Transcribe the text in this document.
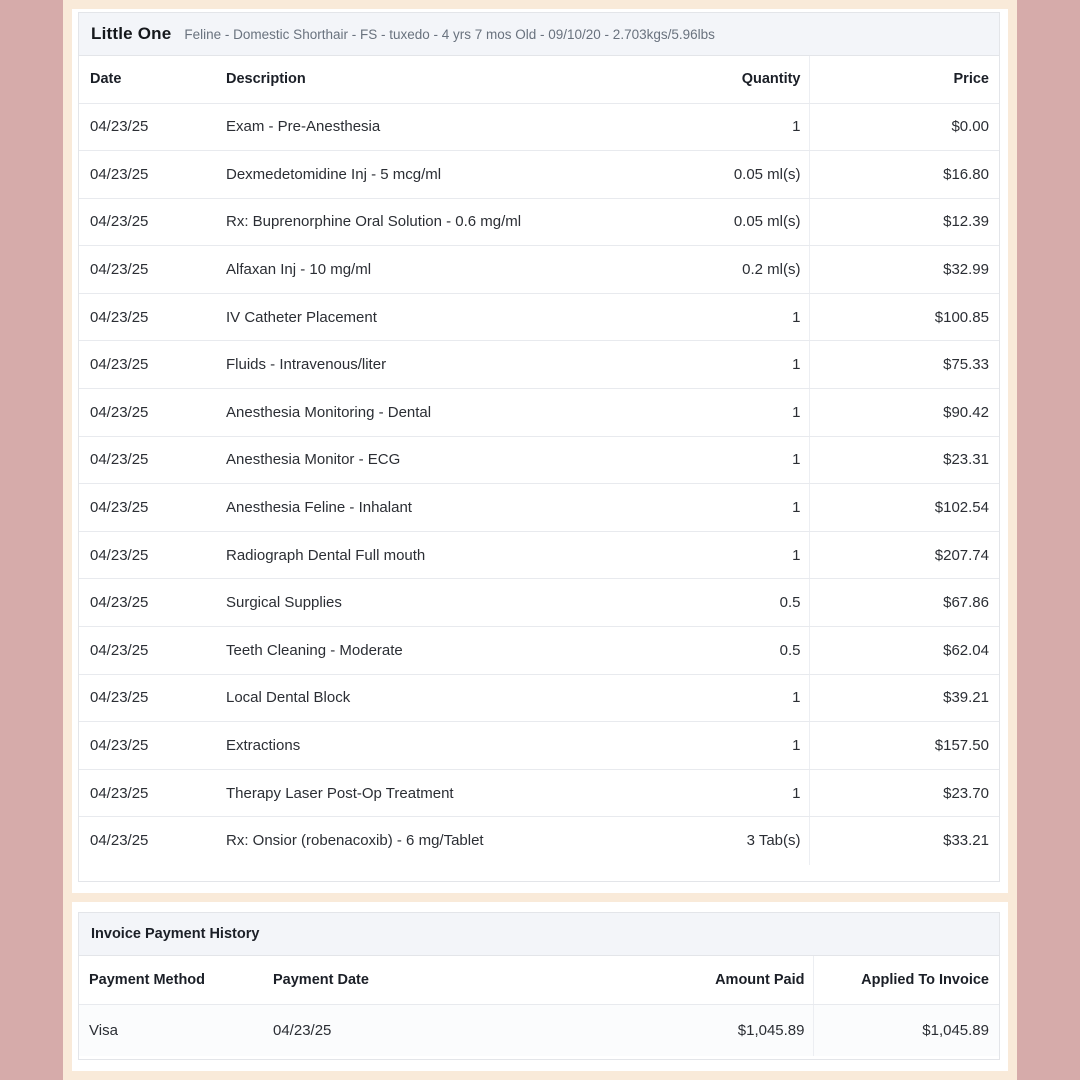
Little One Feline - Domestic Shorthair - FS - tuxedo - 4 yrs 7 mos Old - 09/10/20 - 2.703kgs/5.96lbs
Date	Description	Quantity	Price
04/23/25	Exam - Pre-Anesthesia	1	$0.00
04/23/25	Dexmedetomidine Inj - 5 mcg/ml	0.05 ml(s)	$16.80
04/23/25	Rx: Buprenorphine Oral Solution - 0.6 mg/ml	0.05 ml(s)	$12.39
04/23/25	Alfaxan Inj - 10 mg/ml	0.2 ml(s)	$32.99
04/23/25	IV Catheter Placement	1	$100.85
04/23/25	Fluids - Intravenous/liter	1	$75.33
04/23/25	Anesthesia Monitoring - Dental	1	$90.42
04/23/25	Anesthesia Monitor - ECG	1	$23.31
04/23/25	Anesthesia Feline - Inhalant	1	$102.54
04/23/25	Radiograph Dental Full mouth	1	$207.74
04/23/25	Surgical Supplies	0.5	$67.86
04/23/25	Teeth Cleaning - Moderate	0.5	$62.04
04/23/25	Local Dental Block	1	$39.21
04/23/25	Extractions	1	$157.50
04/23/25	Therapy Laser Post-Op Treatment	1	$23.70
04/23/25	Rx: Onsior (robenacoxib) - 6 mg/Tablet	3 Tab(s)	$33.21
Invoice Payment History
Payment Method	Payment Date	Amount Paid	Applied To Invoice
Visa	04/23/25	$1,045.89	$1,045.89
